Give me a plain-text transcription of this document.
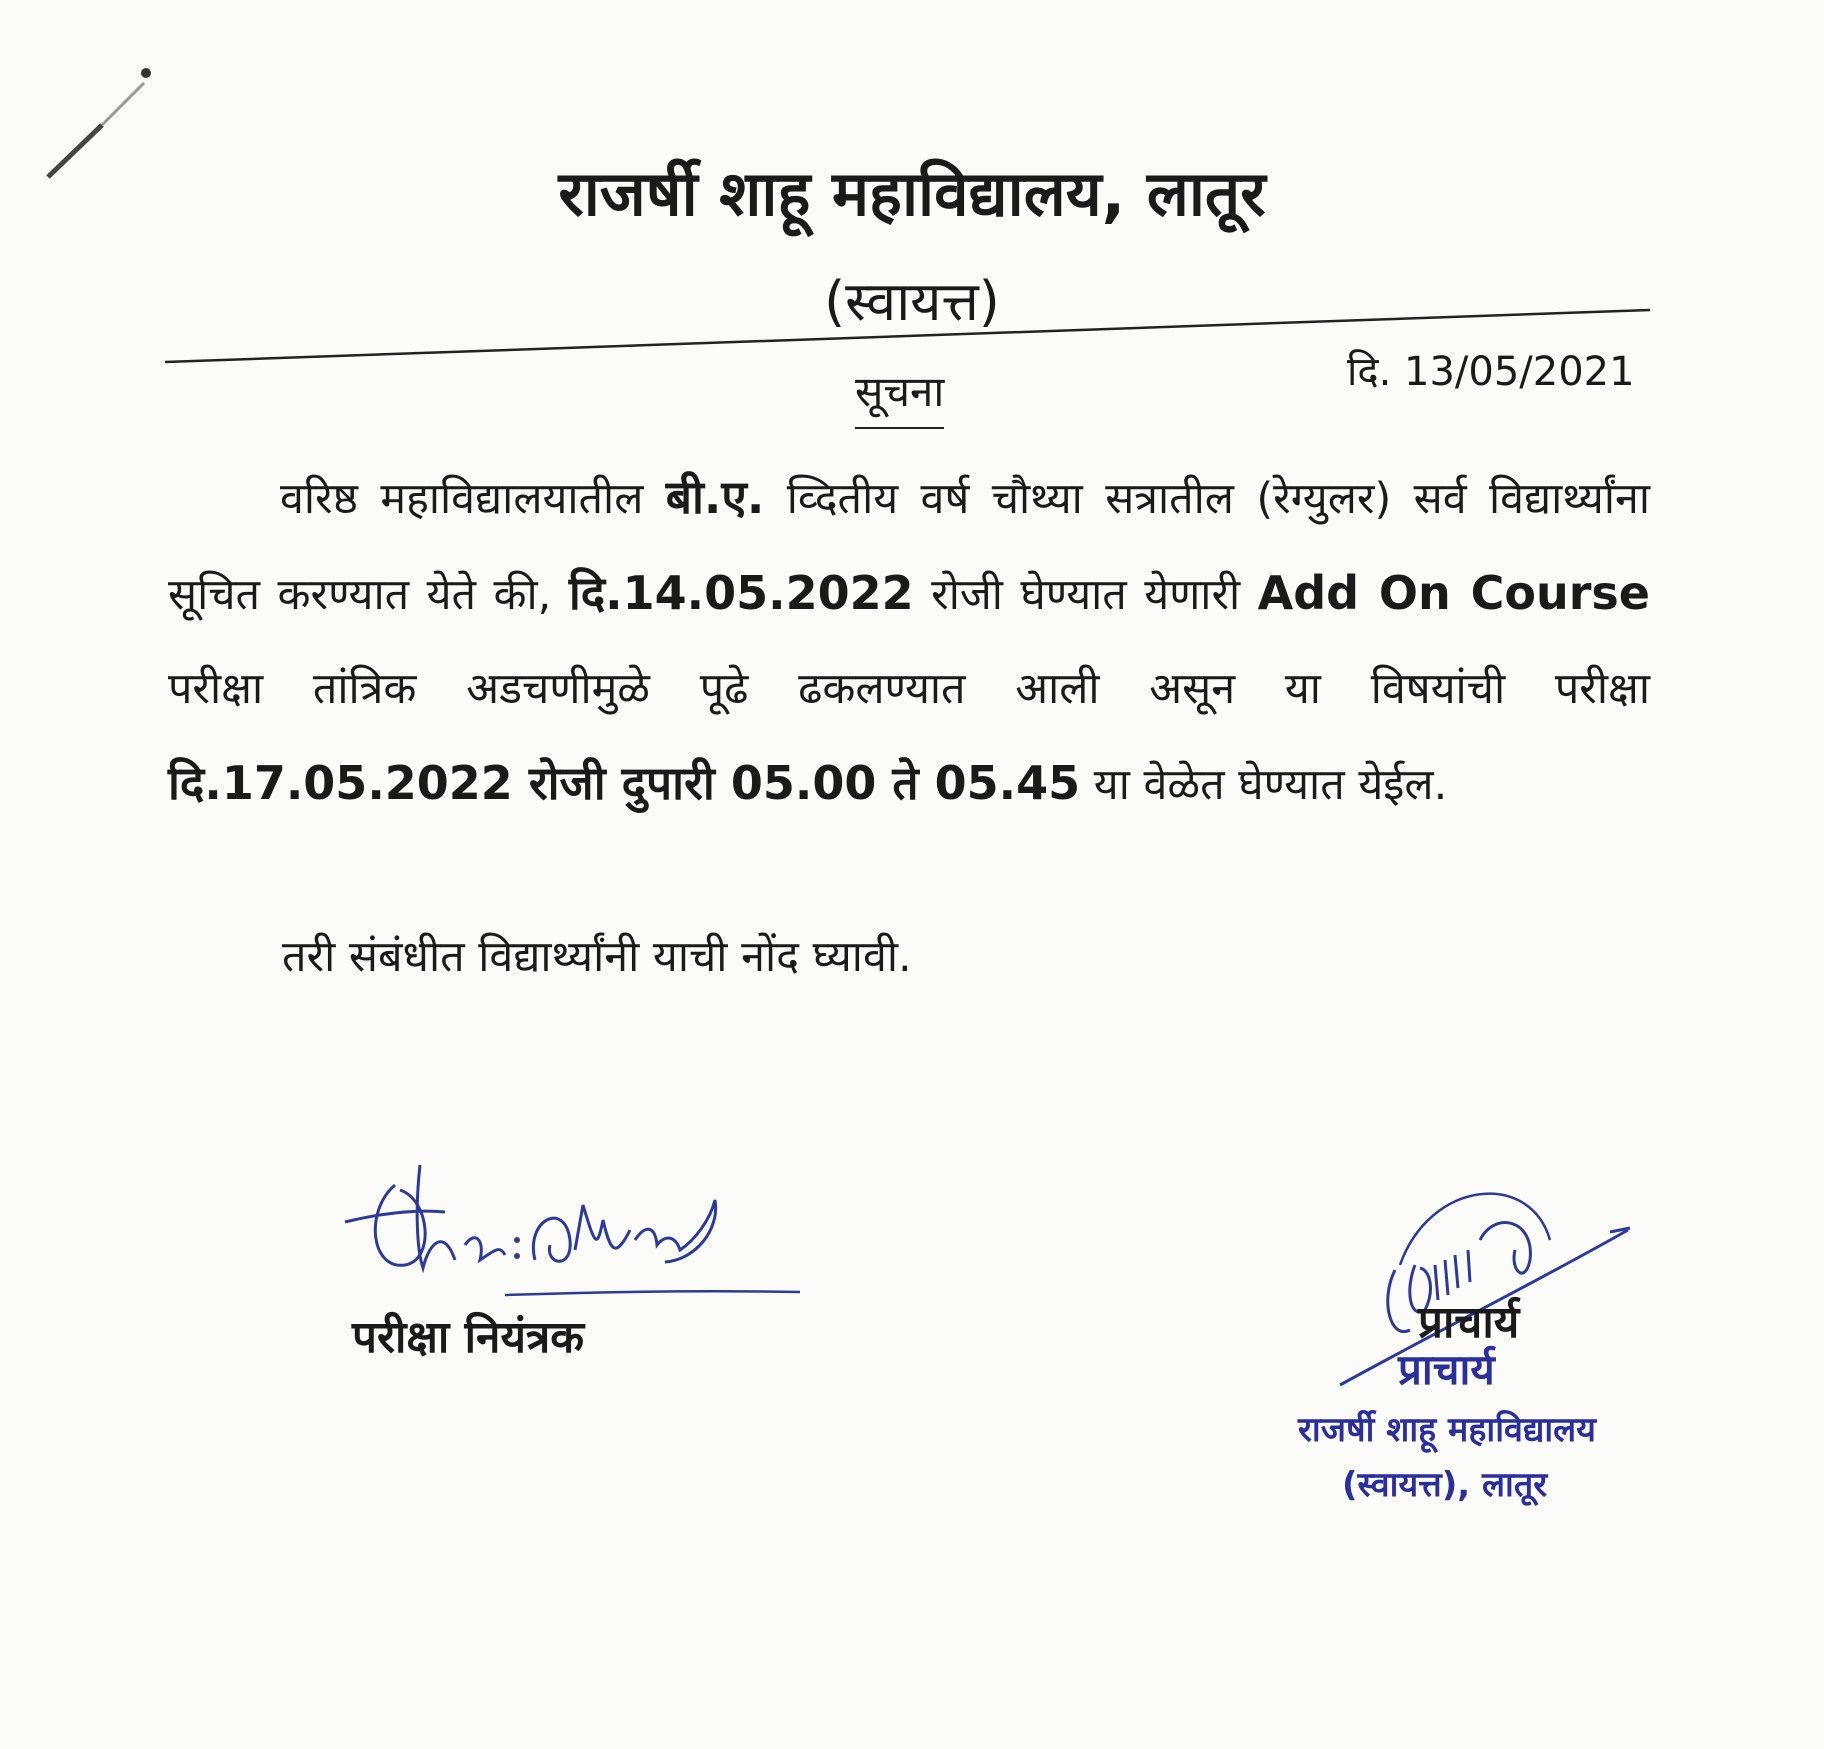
राजर्षी शाहू महाविद्यालय, लातूर
(स्वायत्त)
सूचना	दि. 13/05/2021
वरिष्ठ महाविद्यालयातील बी.ए. व्दितीय वर्ष चौथ्या सत्रातील (रेग्युलर) सर्व विद्यार्थ्यांना सूचित करण्यात येते की, दि.14.05.2022 रोजी घेण्यात येणारी Add On Course परीक्षा तांत्रिक अडचणीमुळे पूढे ढकलण्यात आली असून या विषयांची परीक्षा दि.17.05.2022 रोजी दुपारी 05.00 ते 05.45 या वेळेत घेण्यात येईल.
तरी संबंधीत विद्यार्थ्यांनी याची नोंद घ्यावी.
परीक्षा नियंत्रक	प्राचार्य
प्राचार्य
राजर्षी शाहू महाविद्यालय
(स्वायत्त), लातूर
